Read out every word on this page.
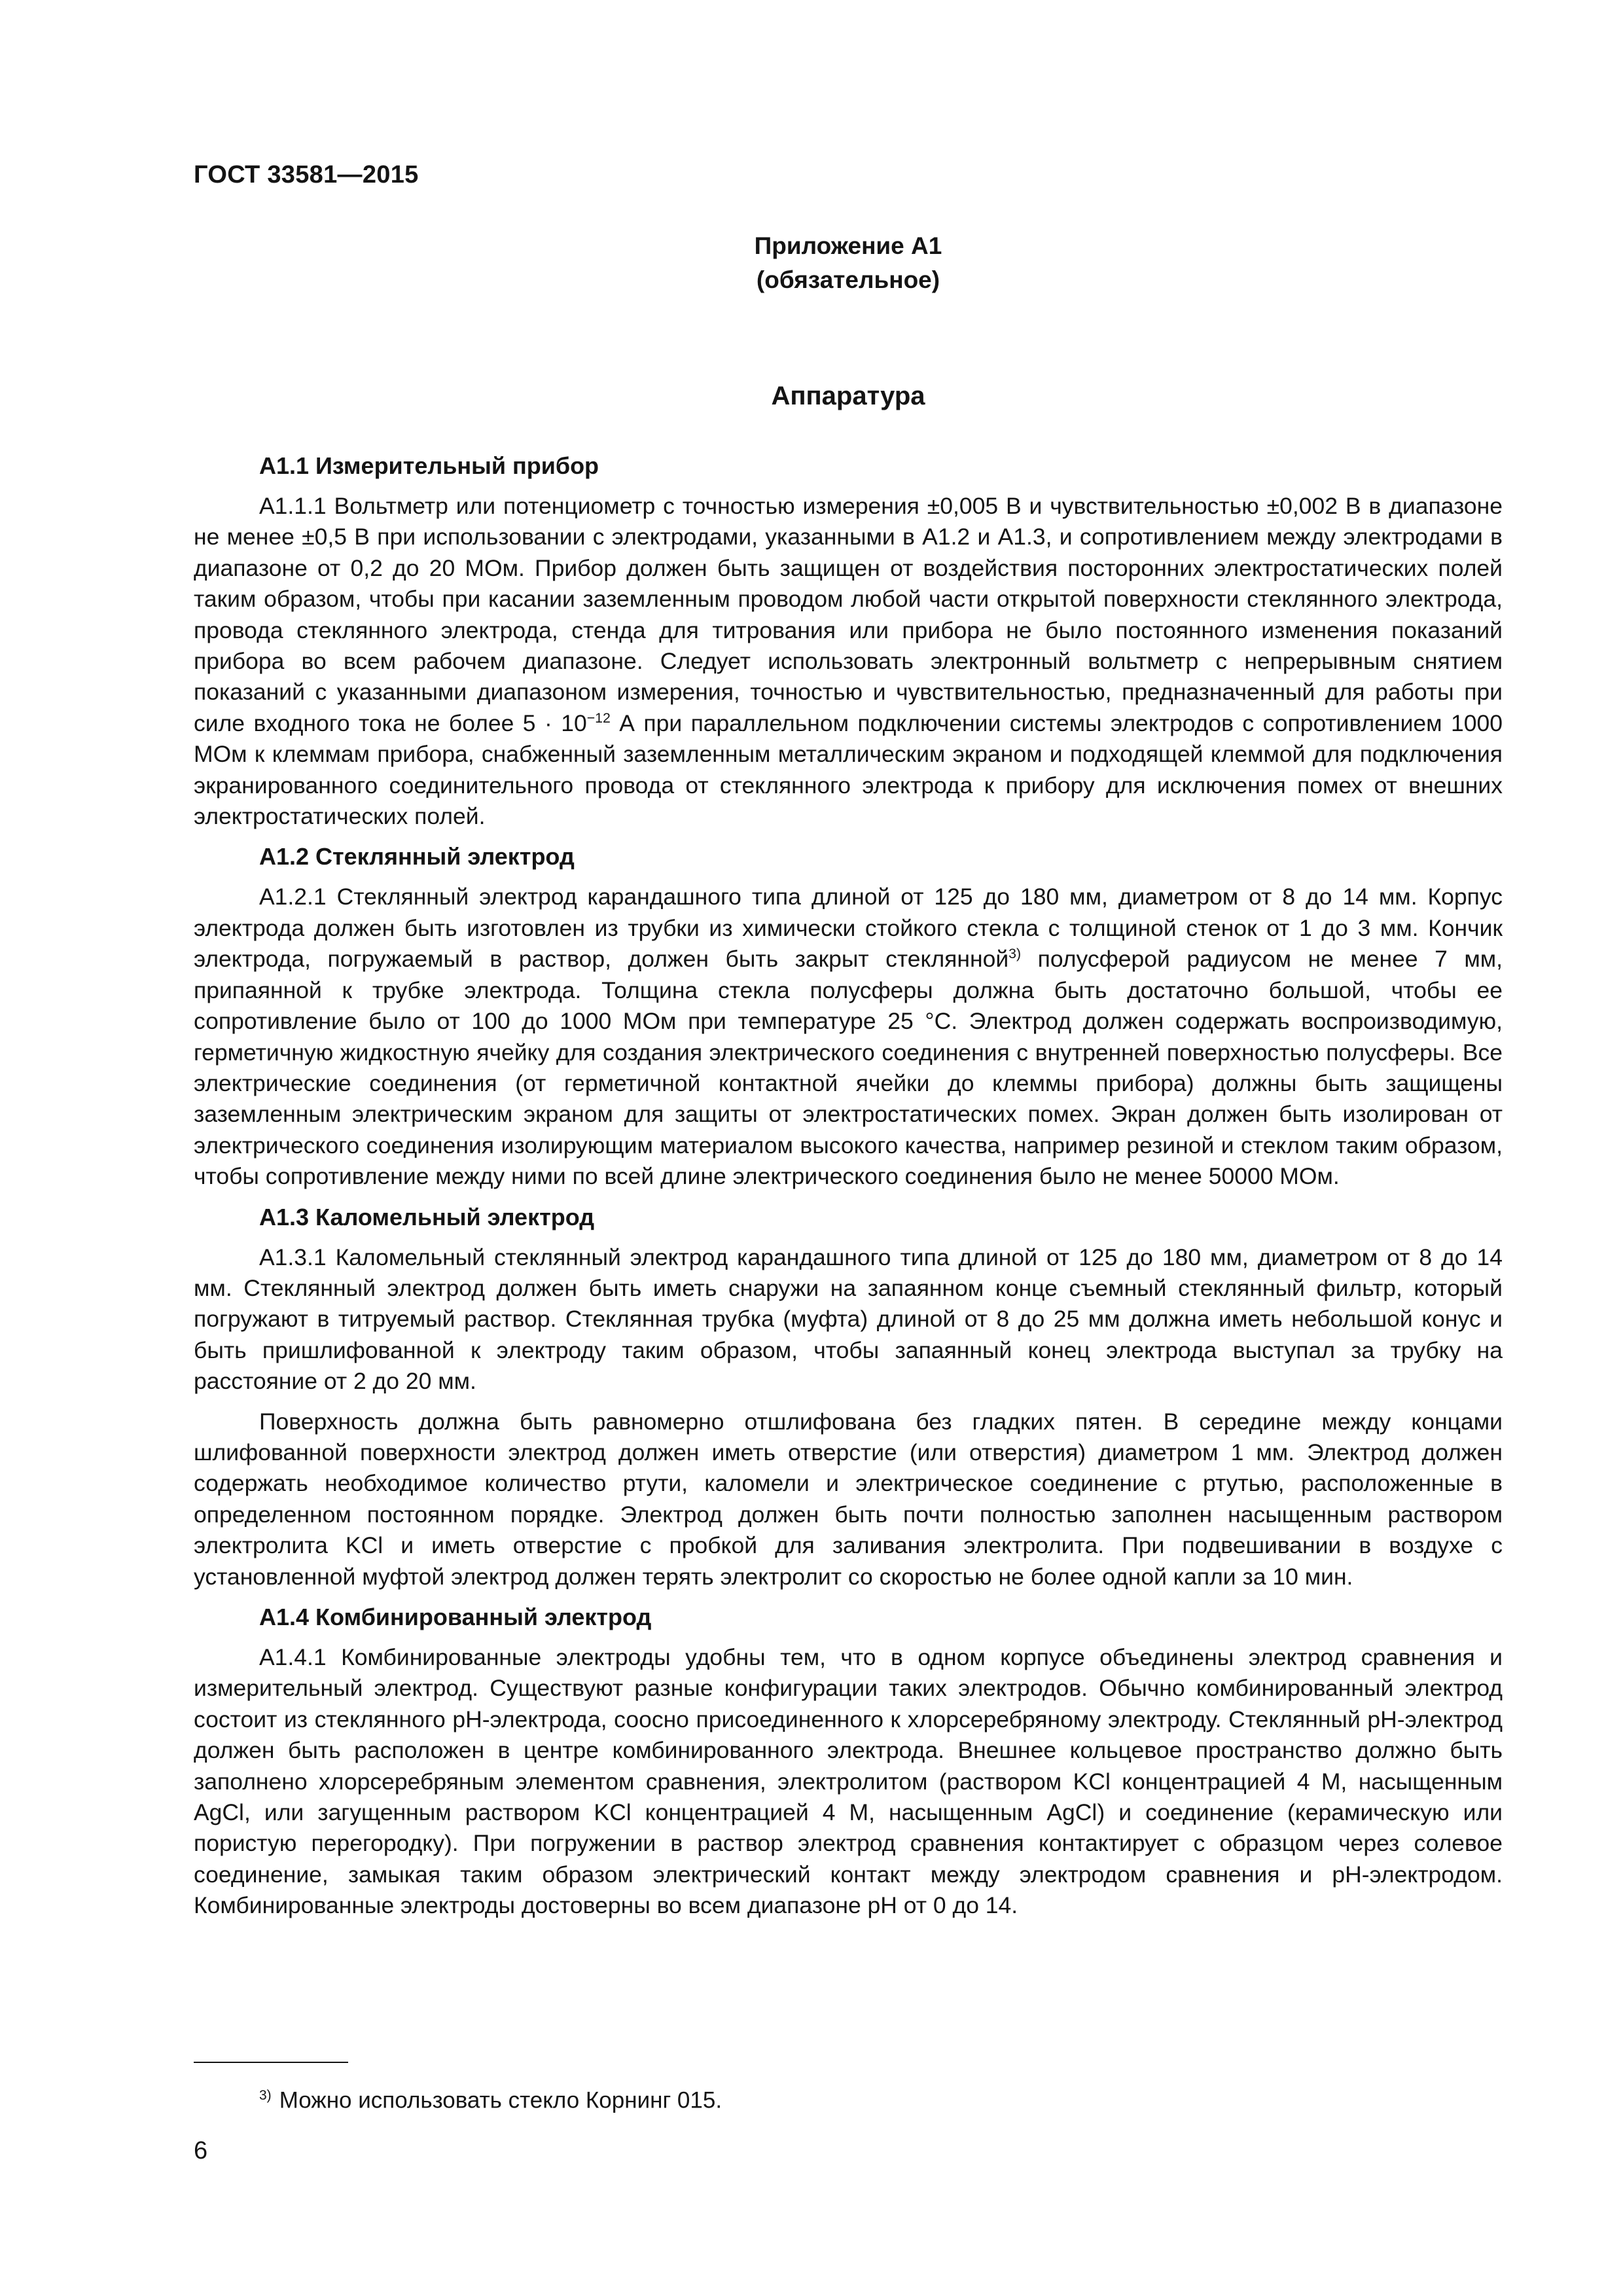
ГОСТ 33581—2015
Приложение А1
(обязательное)
Аппаратура
А1.1 Измерительный прибор

А1.1.1 Вольтметр или потенциометр с точностью измерения ±0,005 В и чувствительностью ±0,002 В в диапазоне не менее ±0,5 В при использовании с электродами, указанными в А1.2 и А1.3, и сопротивлением между электродами в диапазоне от 0,2 до 20 МОм. Прибор должен быть защищен от воздействия посторонних электростатических полей таким образом, чтобы при касании заземленным проводом любой части открытой поверхности стеклянного электрода, провода стеклянного электрода, стенда для титрования или прибора не было постоянного изменения показаний прибора во всем рабочем диапазоне. Следует использовать электронный вольтметр с непрерывным снятием показаний с указанными диапазоном измерения, точностью и чувствительностью, предназначенный для работы при силе входного тока не более $5 \cdot 10^{-12}$ А при параллельном подключении системы электродов с сопротивлением 1000 МОм к клеммам прибора, снабженный заземленным металлическим экраном и подходящей клеммой для подключения экранированного соединительного провода от стеклянного электрода к прибору для исключения помех от внешних электростатических полей.

А1.2 Стеклянный электрод

А1.2.1 Стеклянный электрод карандашного типа длиной от 125 до 180 мм, диаметром от 8 до 14 мм. Корпус электрода должен быть изготовлен из трубки из химически стойкого стекла с толщиной стенок от 1 до 3 мм. Кончик электрода, погружаемый в раствор, должен быть закрыт стеклянной$^{3)}$ полусферой радиусом не менее 7 мм, припаянной к трубке электрода. Толщина стекла полусферы должна быть достаточно большой, чтобы ее сопротивление было от 100 до 1000 МОм при температуре 25 °С. Электрод должен содержать воспроизводимую, герметичную жидкостную ячейку для создания электрического соединения с внутренней поверхностью полусферы. Все электрические соединения (от герметичной контактной ячейки до клеммы прибора) должны быть защищены заземленным электрическим экраном для защиты от электростатических помех. Экран должен быть изолирован от электрического соединения изолирующим материалом высокого качества, например резиной и стеклом таким образом, чтобы сопротивление между ними по всей длине электрического соединения было не менее 50000 МОм.

А1.3 Каломельный электрод

А1.3.1 Каломельный стеклянный электрод карандашного типа длиной от 125 до 180 мм, диаметром от 8 до 14 мм. Стеклянный электрод должен быть иметь снаружи на запаянном конце съемный стеклянный фильтр, который погружают в титруемый раствор. Стеклянная трубка (муфта) длиной от 8 до 25 мм должна иметь небольшой конус и быть пришлифованной к электроду таким образом, чтобы запаянный конец электрода выступал за трубку на расстояние от 2 до 20 мм.

Поверхность должна быть равномерно отшлифована без гладких пятен. В середине между концами шлифованной поверхности электрод должен иметь отверстие (или отверстия) диаметром 1 мм. Электрод должен содержать необходимое количество ртути, каломели и электрическое соединение с ртутью, расположенные в определенном постоянном порядке. Электрод должен быть почти полностью заполнен насыщенным раствором электролита KCl и иметь отверстие с пробкой для заливания электролита. При подвешивании в воздухе с установленной муфтой электрод должен терять электролит со скоростью не более одной капли за 10 мин.

А1.4 Комбинированный электрод

А1.4.1 Комбинированные электроды удобны тем, что в одном корпусе объединены электрод сравнения и измерительный электрод. Существуют разные конфигурации таких электродов. Обычно комбинированный электрод состоит из стеклянного pH-электрода, соосно присоединенного к хлорсеребряному электроду. Стеклянный pH-электрод должен быть расположен в центре комбинированного электрода. Внешнее кольцевое пространство должно быть заполнено хлорсеребряным элементом сравнения, электролитом (раствором KCl концентрацией 4 М, насыщенным AgCl, или загущенным раствором KCl концентрацией 4 М, насыщенным AgCl) и соединение (керамическую или пористую перегородку). При погружении в раствор электрод сравнения контактирует с образцом через солевое соединение, замыкая таким образом электрический контакт между электродом сравнения и pH-электродом. Комбинированные электроды достоверны во всем диапазоне pH от 0 до 14.

$^{3)}$ Можно использовать стекло Корнинг 015.
6
